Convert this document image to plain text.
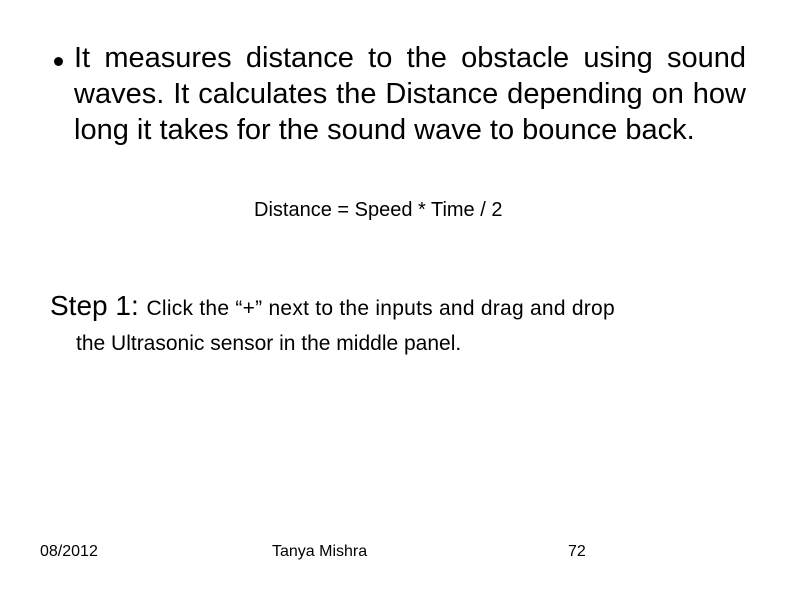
It measures distance to the obstacle using sound waves. It calculates the Distance depending on how long it takes for the sound wave to bounce back.
Distance = Speed * Time / 2
Step 1: Click the “+” next to the inputs and drag and drop
the Ultrasonic sensor in the middle panel.
08/2012	Tanya Mishra	72
